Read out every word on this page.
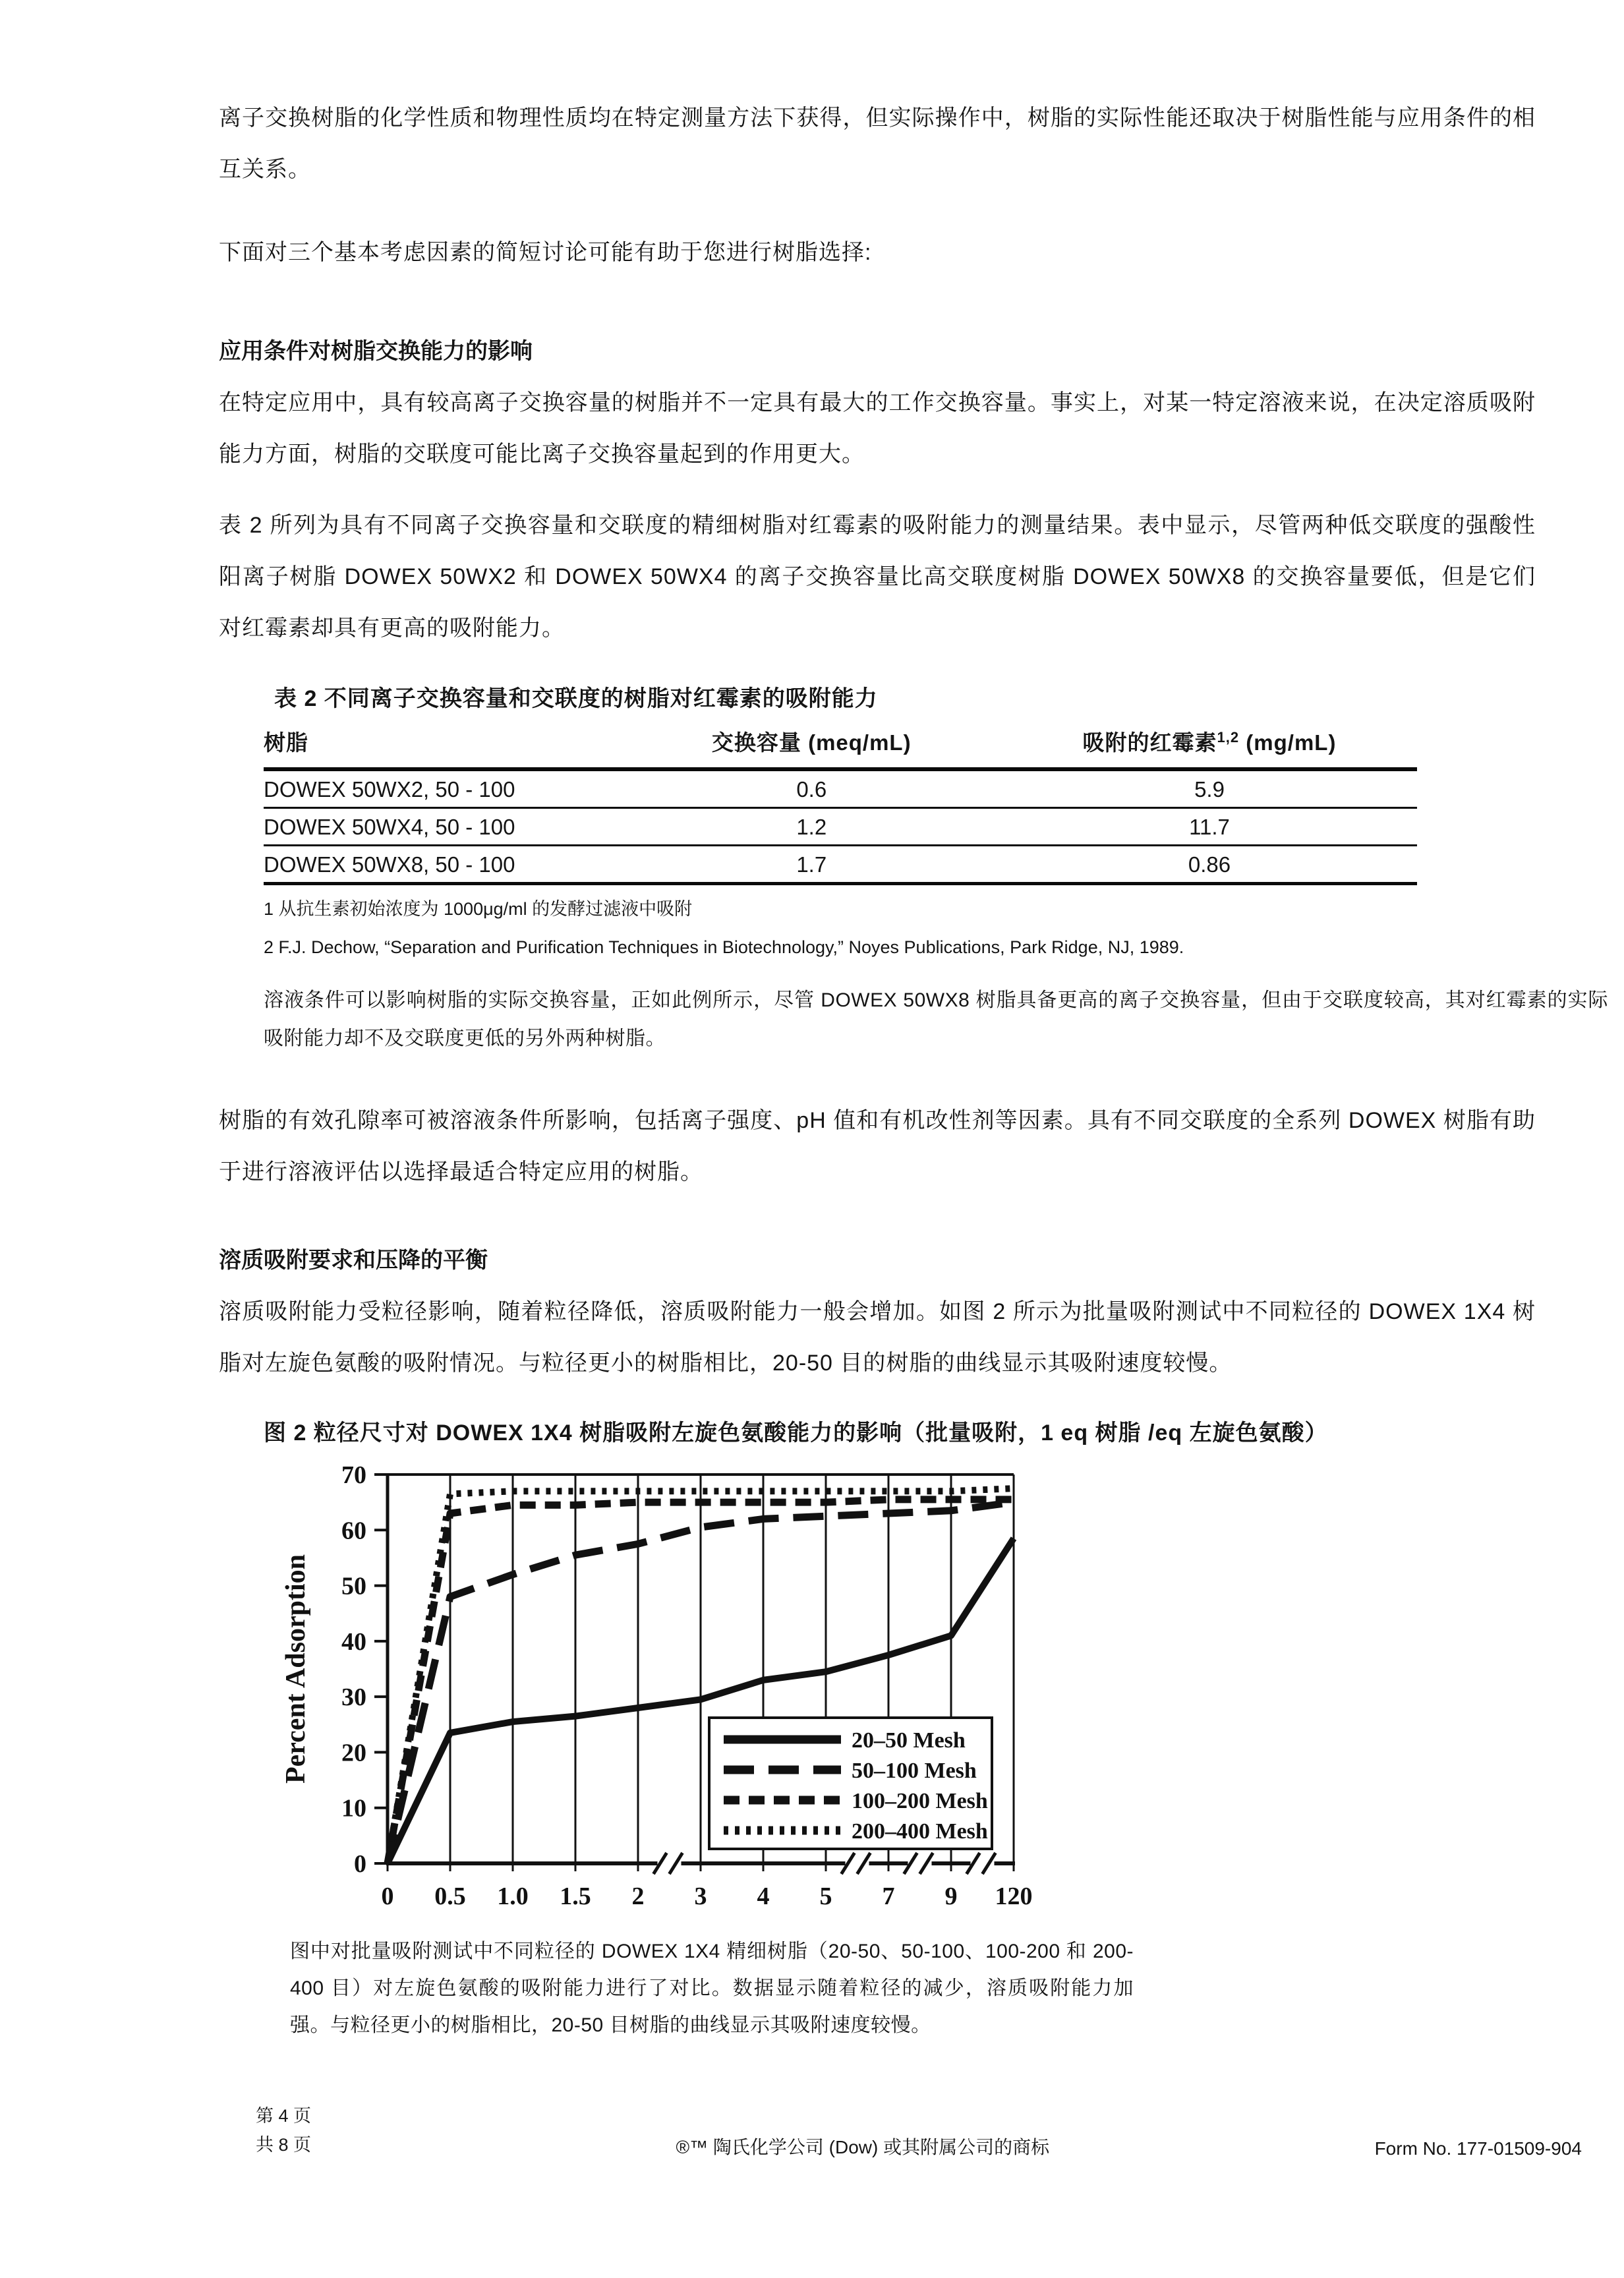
离子交换树脂的化学性质和物理性质均在特定测量方法下获得，但实际操作中，树脂的实际性能还取决于树脂性能与应用条件的相互关系。

下面对三个基本考虑因素的简短讨论可能有助于您进行树脂选择:

应用条件对树脂交换能力的影响

在特定应用中，具有较高离子交换容量的树脂并不一定具有最大的工作交换容量。事实上，对某一特定溶液来说，在决定溶质吸附能力方面，树脂的交联度可能比离子交换容量起到的作用更大。

表 2 所列为具有不同离子交换容量和交联度的精细树脂对红霉素的吸附能力的测量结果。表中显示，尽管两种低交联度的强酸性阳离子树脂 DOWEX 50WX2 和 DOWEX 50WX4 的离子交换容量比高交联度树脂 DOWEX 50WX8 的交换容量要低，但是它们对红霉素却具有更高的吸附能力。

表 2 不同离子交换容量和交联度的树脂对红霉素的吸附能力
树脂	交换容量 (meq/mL)	吸附的红霉素$^{1,2}$ (mg/mL)
DOWEX 50WX2, 50 - 100	0.6	5.9
DOWEX 50WX4, 50 - 100	1.2	11.7
DOWEX 50WX8, 50 - 100	1.7	0.86
1 从抗生素初始浓度为 1000μg/ml 的发酵过滤液中吸附
2 F.J. Dechow, “Separation and Purification Techniques in Biotechnology,” Noyes Publications, Park Ridge, NJ, 1989.

溶液条件可以影响树脂的实际交换容量，正如此例所示，尽管 DOWEX 50WX8 树脂具备更高的离子交换容量，但由于交联度较高，其对红霉素的实际吸附能力却不及交联度更低的另外两种树脂。

树脂的有效孔隙率可被溶液条件所影响，包括离子强度、pH 值和有机改性剂等因素。具有不同交联度的全系列 DOWEX 树脂有助于进行溶液评估以选择最适合特定应用的树脂。

溶质吸附要求和压降的平衡

溶质吸附能力受粒径影响，随着粒径降低，溶质吸附能力一般会增加。如图 2 所示为批量吸附测试中不同粒径的 DOWEX 1X4 树脂对左旋色氨酸的吸附情况。与粒径更小的树脂相比，20-50 目的树脂的曲线显示其吸附速度较慢。

图 2 粒径尺寸对 DOWEX 1X4 树脂吸附左旋色氨酸能力的影响（批量吸附，1 eq 树脂 /eq 左旋色氨酸）
0
10
20
30
40
50
60
70
Percent Adsorption
0 0.5 1.0 1.5 2 3 4 5 7 9 120
20–50 Mesh
50–100 Mesh
100–200 Mesh
200–400 Mesh

图中对批量吸附测试中不同粒径的 DOWEX 1X4 精细树脂（20-50、50-100、100-200 和 200-400 目）对左旋色氨酸的吸附能力进行了对比。数据显示随着粒径的减少，溶质吸附能力加强。与粒径更小的树脂相比，20-50 目树脂的曲线显示其吸附速度较慢。

第 4 页
共 8 页	®™ 陶氏化学公司 (Dow) 或其附属公司的商标	Form No. 177-01509-904
